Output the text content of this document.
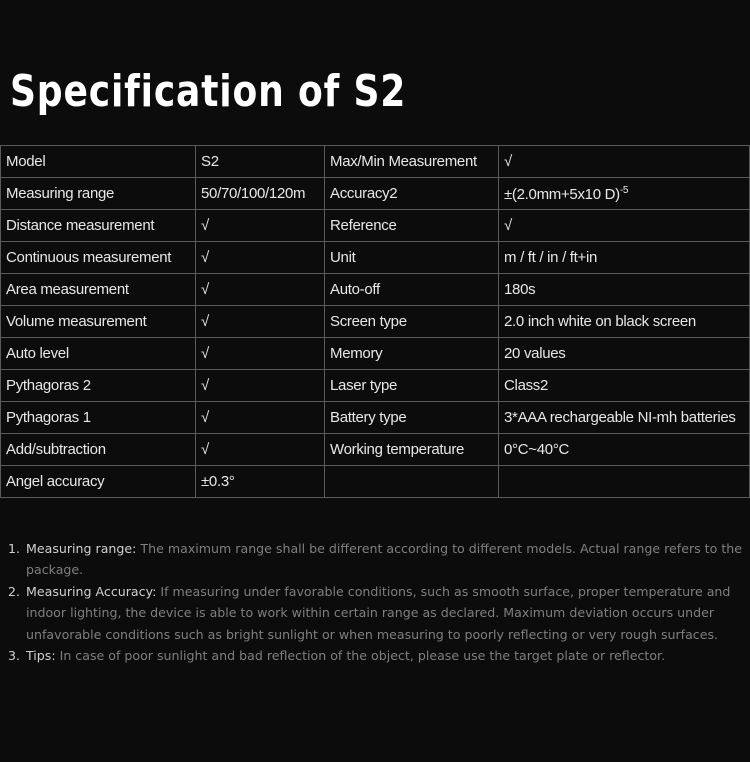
Specification of S2
Model	S2	Max/Min Measurement	√
Measuring range	50/70/100/120m	Accuracy2	±(2.0mm+5x10 D)$^{-5}$
Distance measurement	√	Reference	√
Continuous measurement	√	Unit	m / ft / in / ft+in
Area measurement	√	Auto-off	180s
Volume measurement	√	Screen type	2.0 inch white on black screen
Auto level	√	Memory	20 values
Pythagoras 2	√	Laser type	Class2
Pythagoras 1	√	Battery type	3*AAA rechargeable NI-mh batteries
Add/subtraction	√	Working temperature	0°C~40°C
Angel accuracy	±0.3°		
1. Measuring range: The maximum range shall be different according to different models. Actual range refers to the package.
2. Measuring Accuracy: If measuring under favorable conditions, such as smooth surface, proper temperature and indoor lighting, the device is able to work within certain range as declared. Maximum deviation occurs under unfavorable conditions such as bright sunlight or when measuring to poorly reflecting or very rough surfaces.
3. Tips: In case of poor sunlight and bad reflection of the object, please use the target plate or reflector.
